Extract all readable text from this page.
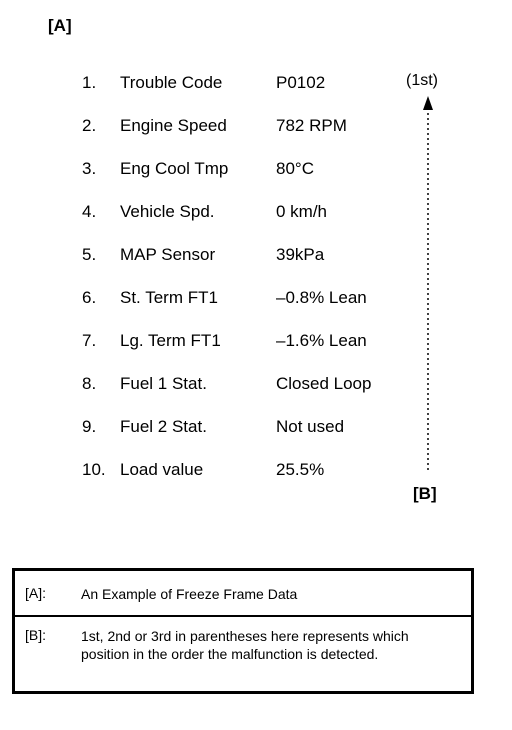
[A]
1.	Trouble Code	P0102
2.	Engine Speed	782 RPM
3.	Eng Cool Tmp	80°C
4.	Vehicle Spd.	0 km/h
5.	MAP Sensor	39kPa
6.	St. Term FT1	–0.8% Lean
7.	Lg. Term FT1	–1.6% Lean
8.	Fuel 1 Stat.	Closed Loop
9.	Fuel 2 Stat.	Not used
10. Load value	25.5%
(1st)
[B]
[A]: An Example of Freeze Frame Data
[B]: 1st, 2nd or 3rd in parentheses here represents which position in the order the malfunction is detected.
